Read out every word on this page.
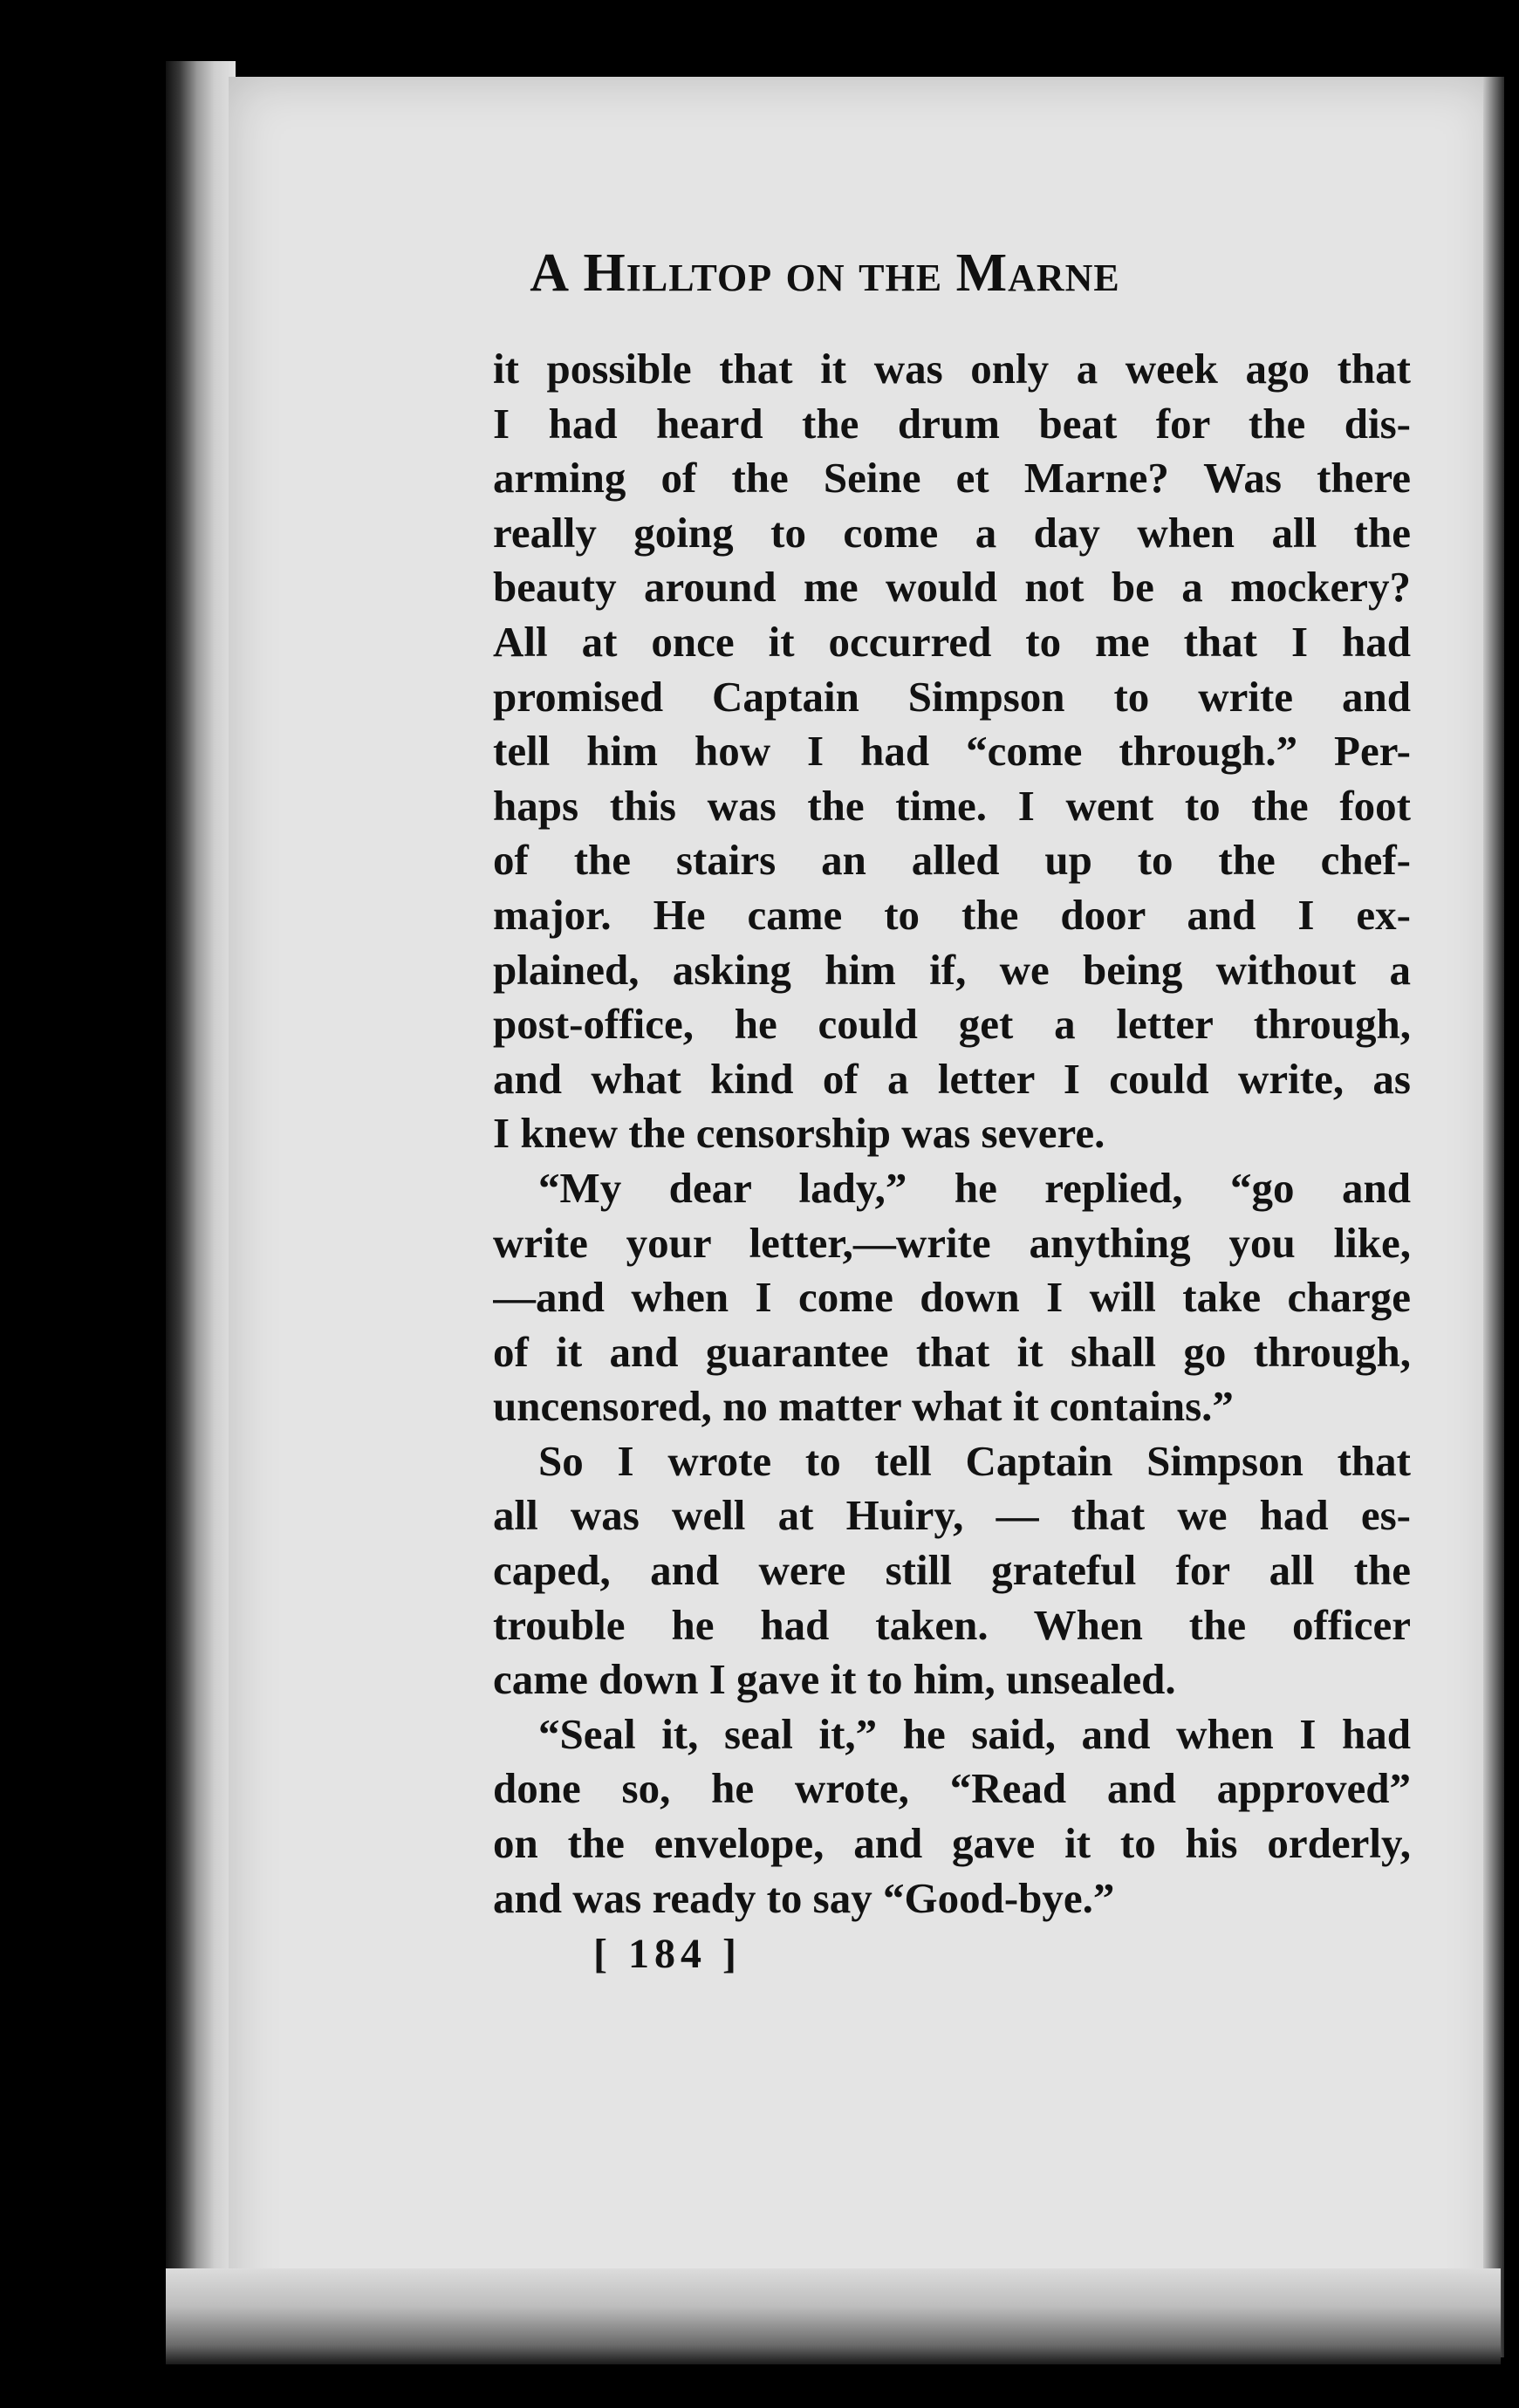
A HILLTOP ON THE MARNE
it possible that it was only a week ago that
I had heard the drum beat for the dis-
arming of the Seine et Marne? Was there
really going to come a day when all the
beauty around me would not be a mockery?
All at once it occurred to me that I had
promised Captain Simpson to write and
tell him how I had “come through.” Per-
haps this was the time. I went to the foot
of the stairs an alled up to the chef-
major. He came to the door and I ex-
plained, asking him if, we being without a
post-office, he could get a letter through,
and what kind of a letter I could write, as
I knew the censorship was severe.
“My dear lady,” he replied, “go and
write your letter,—write anything you like,
—and when I come down I will take charge
of it and guarantee that it shall go through,
uncensored, no matter what it contains.”
So I wrote to tell Captain Simpson that
all was well at Huiry, — that we had es-
caped, and were still grateful for all the
trouble he had taken. When the officer
came down I gave it to him, unsealed.
“Seal it, seal it,” he said, and when I had
done so, he wrote, “Read and approved”
on the envelope, and gave it to his orderly,
and was ready to say “Good-bye.”
[ 184 ]
